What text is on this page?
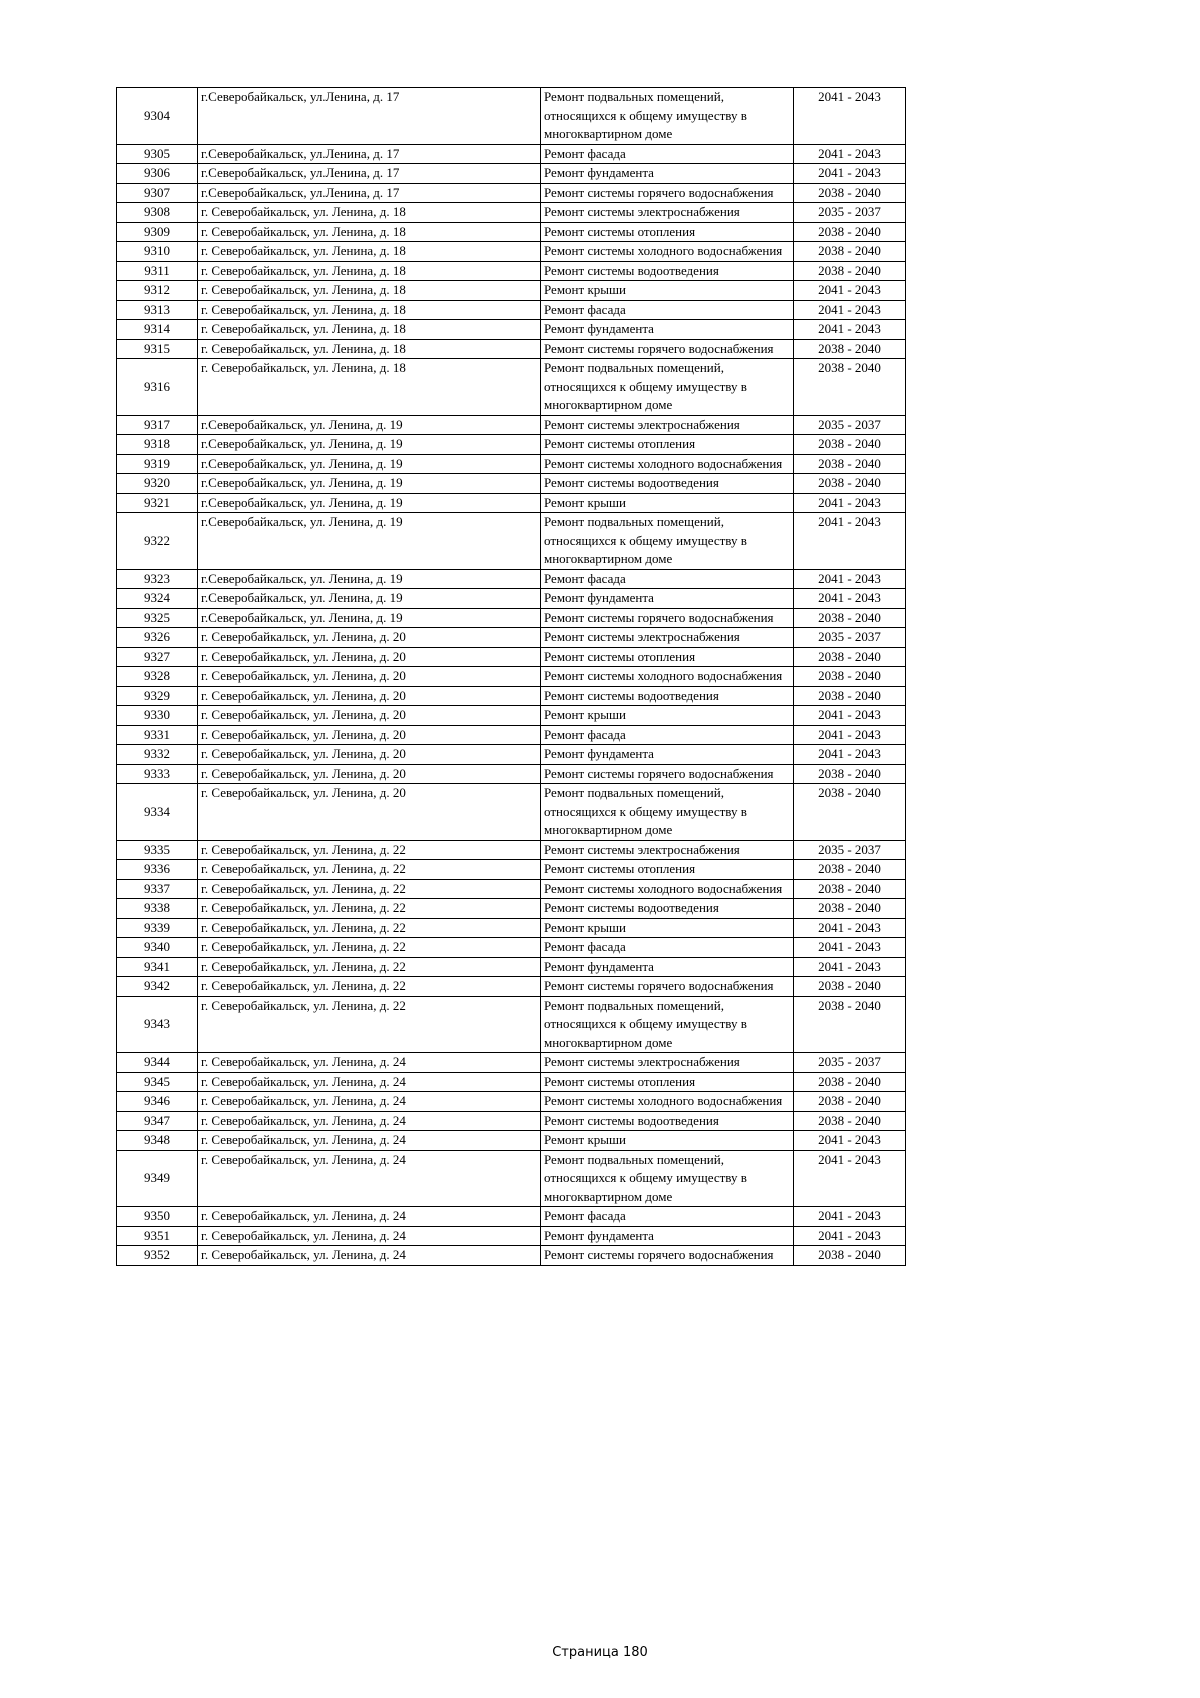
9304	г.Северобайкальск, ул.Ленина, д. 17	Ремонт подвальных помещений, относящихся к общему имуществу в многоквартирном доме	2041 - 2043
9305	г.Северобайкальск, ул.Ленина, д. 17	Ремонт фасада	2041 - 2043
9306	г.Северобайкальск, ул.Ленина, д. 17	Ремонт фундамента	2041 - 2043
9307	г.Северобайкальск, ул.Ленина, д. 17	Ремонт системы горячего водоснабжения	2038 - 2040
9308	г. Северобайкальск, ул. Ленина, д. 18	Ремонт системы электроснабжения	2035 - 2037
9309	г. Северобайкальск, ул. Ленина, д. 18	Ремонт системы отопления	2038 - 2040
9310	г. Северобайкальск, ул. Ленина, д. 18	Ремонт системы холодного водоснабжения	2038 - 2040
9311	г. Северобайкальск, ул. Ленина, д. 18	Ремонт системы водоотведения	2038 - 2040
9312	г. Северобайкальск, ул. Ленина, д. 18	Ремонт крыши	2041 - 2043
9313	г. Северобайкальск, ул. Ленина, д. 18	Ремонт фасада	2041 - 2043
9314	г. Северобайкальск, ул. Ленина, д. 18	Ремонт фундамента	2041 - 2043
9315	г. Северобайкальск, ул. Ленина, д. 18	Ремонт системы горячего водоснабжения	2038 - 2040
9316	г. Северобайкальск, ул. Ленина, д. 18	Ремонт подвальных помещений, относящихся к общему имуществу в многоквартирном доме	2038 - 2040
9317	г.Северобайкальск, ул. Ленина, д. 19	Ремонт системы электроснабжения	2035 - 2037
9318	г.Северобайкальск, ул. Ленина, д. 19	Ремонт системы отопления	2038 - 2040
9319	г.Северобайкальск, ул. Ленина, д. 19	Ремонт системы холодного водоснабжения	2038 - 2040
9320	г.Северобайкальск, ул. Ленина, д. 19	Ремонт системы водоотведения	2038 - 2040
9321	г.Северобайкальск, ул. Ленина, д. 19	Ремонт крыши	2041 - 2043
9322	г.Северобайкальск, ул. Ленина, д. 19	Ремонт подвальных помещений, относящихся к общему имуществу в многоквартирном доме	2041 - 2043
9323	г.Северобайкальск, ул. Ленина, д. 19	Ремонт фасада	2041 - 2043
9324	г.Северобайкальск, ул. Ленина, д. 19	Ремонт фундамента	2041 - 2043
9325	г.Северобайкальск, ул. Ленина, д. 19	Ремонт системы горячего водоснабжения	2038 - 2040
9326	г. Северобайкальск, ул. Ленина, д. 20	Ремонт системы электроснабжения	2035 - 2037
9327	г. Северобайкальск, ул. Ленина, д. 20	Ремонт системы отопления	2038 - 2040
9328	г. Северобайкальск, ул. Ленина, д. 20	Ремонт системы холодного водоснабжения	2038 - 2040
9329	г. Северобайкальск, ул. Ленина, д. 20	Ремонт системы водоотведения	2038 - 2040
9330	г. Северобайкальск, ул. Ленина, д. 20	Ремонт крыши	2041 - 2043
9331	г. Северобайкальск, ул. Ленина, д. 20	Ремонт фасада	2041 - 2043
9332	г. Северобайкальск, ул. Ленина, д. 20	Ремонт фундамента	2041 - 2043
9333	г. Северобайкальск, ул. Ленина, д. 20	Ремонт системы горячего водоснабжения	2038 - 2040
9334	г. Северобайкальск, ул. Ленина, д. 20	Ремонт подвальных помещений, относящихся к общему имуществу в многоквартирном доме	2038 - 2040
9335	г. Северобайкальск, ул. Ленина, д. 22	Ремонт системы электроснабжения	2035 - 2037
9336	г. Северобайкальск, ул. Ленина, д. 22	Ремонт системы отопления	2038 - 2040
9337	г. Северобайкальск, ул. Ленина, д. 22	Ремонт системы холодного водоснабжения	2038 - 2040
9338	г. Северобайкальск, ул. Ленина, д. 22	Ремонт системы водоотведения	2038 - 2040
9339	г. Северобайкальск, ул. Ленина, д. 22	Ремонт крыши	2041 - 2043
9340	г. Северобайкальск, ул. Ленина, д. 22	Ремонт фасада	2041 - 2043
9341	г. Северобайкальск, ул. Ленина, д. 22	Ремонт фундамента	2041 - 2043
9342	г. Северобайкальск, ул. Ленина, д. 22	Ремонт системы горячего водоснабжения	2038 - 2040
9343	г. Северобайкальск, ул. Ленина, д. 22	Ремонт подвальных помещений, относящихся к общему имуществу в многоквартирном доме	2038 - 2040
9344	г. Северобайкальск, ул. Ленина, д. 24	Ремонт системы электроснабжения	2035 - 2037
9345	г. Северобайкальск, ул. Ленина, д. 24	Ремонт системы отопления	2038 - 2040
9346	г. Северобайкальск, ул. Ленина, д. 24	Ремонт системы холодного водоснабжения	2038 - 2040
9347	г. Северобайкальск, ул. Ленина, д. 24	Ремонт системы водоотведения	2038 - 2040
9348	г. Северобайкальск, ул. Ленина, д. 24	Ремонт крыши	2041 - 2043
9349	г. Северобайкальск, ул. Ленина, д. 24	Ремонт подвальных помещений, относящихся к общему имуществу в многоквартирном доме	2041 - 2043
9350	г. Северобайкальск, ул. Ленина, д. 24	Ремонт фасада	2041 - 2043
9351	г. Северобайкальск, ул. Ленина, д. 24	Ремонт фундамента	2041 - 2043
9352	г. Северобайкальск, ул. Ленина, д. 24	Ремонт системы горячего водоснабжения	2038 - 2040
Страница 180
